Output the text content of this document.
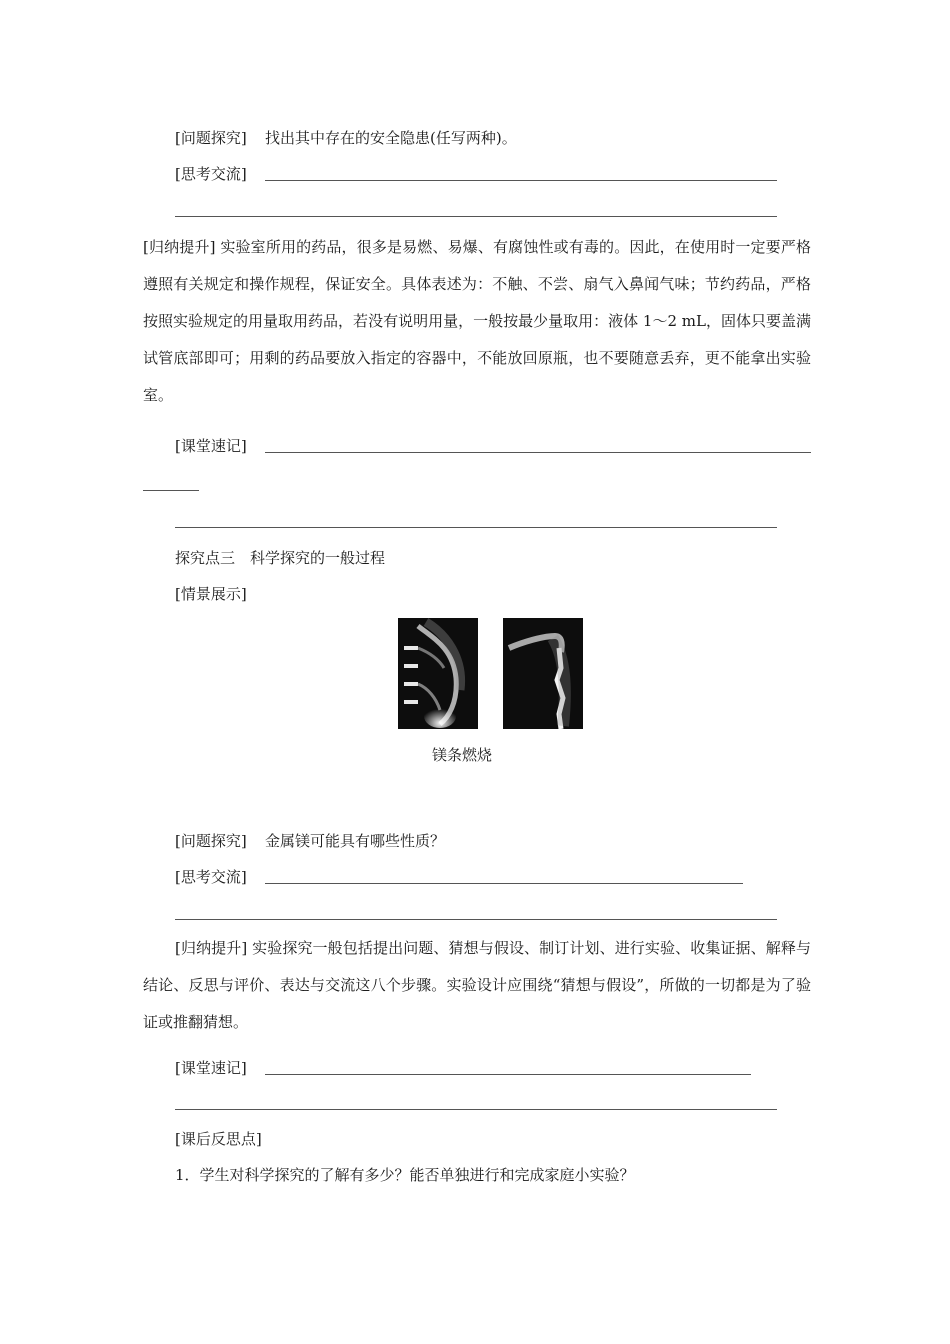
[问题探究] 找出其中存在的安全隐患(任写两种)。
[思考交流]
[归纳提升] 实验室所用的药品，很多是易燃、易爆、有腐蚀性或有毒的。因此，在使用时一定要严格遵照有关规定和操作规程，保证安全。具体表述为：不触、不尝、扇气入鼻闻气味；节约药品，严格按照实验规定的用量取用药品，若没有说明用量，一般按最少量取用：液体 1～2 mL，固体只要盖满试管底部即可；用剩的药品要放入指定的容器中，不能放回原瓶，也不要随意丢弃，更不能拿出实验室。
[课堂速记]
探究点三　科学探究的一般过程
[情景展示]
镁条燃烧
[问题探究] 金属镁可能具有哪些性质？
[思考交流]
[归纳提升] 实验探究一般包括提出问题、猜想与假设、制订计划、进行实验、收集证据、解释与结论、反思与评价、表达与交流这八个步骤。实验设计应围绕“猜想与假设”，所做的一切都是为了验证或推翻猜想。
[课堂速记]
[课后反思点]
1．学生对科学探究的了解有多少？能否单独进行和完成家庭小实验？
